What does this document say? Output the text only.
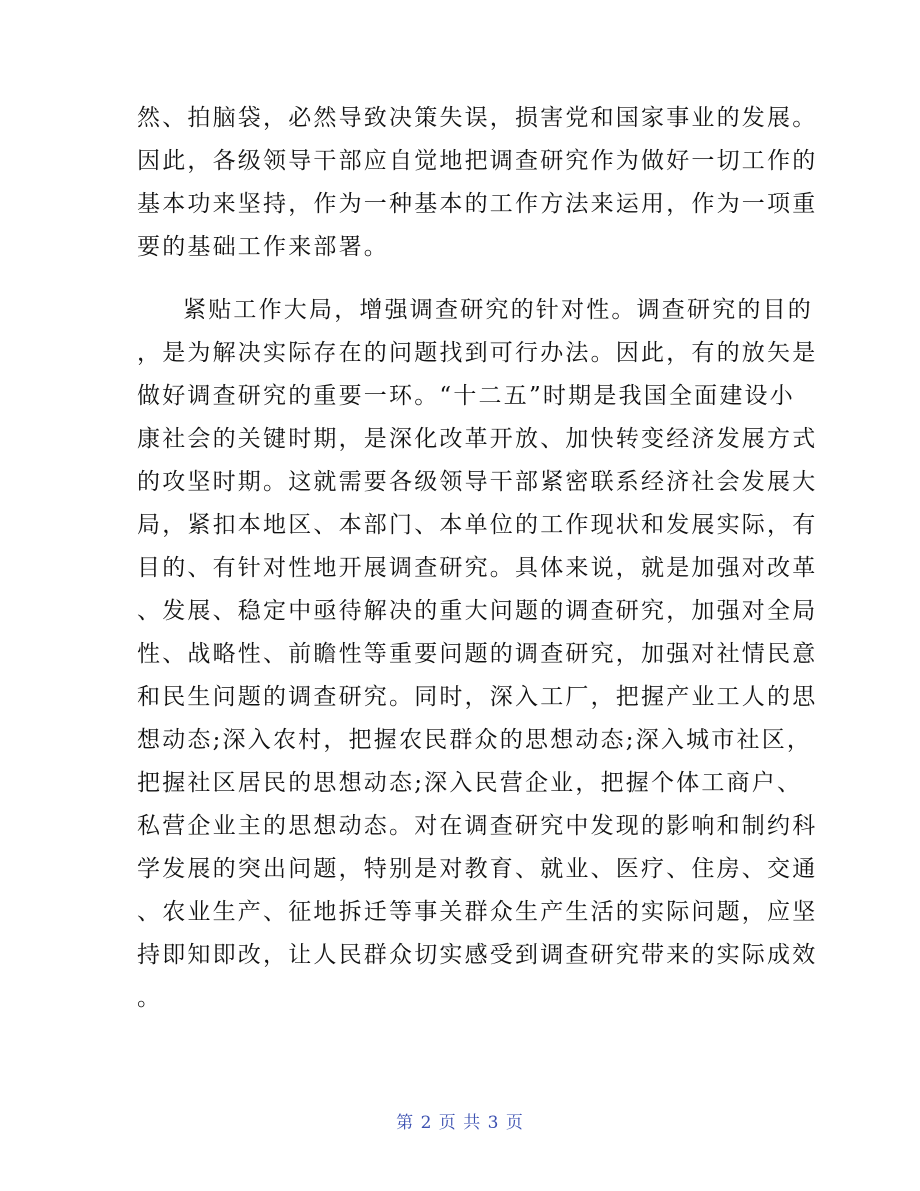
然、拍脑袋，必然导致决策失误，损害党和国家事业的发展。
因此，各级领导干部应自觉地把调查研究作为做好一切工作的
基本功来坚持，作为一种基本的工作方法来运用，作为一项重
要的基础工作来部署。
紧贴工作大局，增强调查研究的针对性。调查研究的目的
，是为解决实际存在的问题找到可行办法。因此，有的放矢是
做好调查研究的重要一环。“十二五”时期是我国全面建设小
康社会的关键时期，是深化改革开放、加快转变经济发展方式
的攻坚时期。这就需要各级领导干部紧密联系经济社会发展大
局，紧扣本地区、本部门、本单位的工作现状和发展实际，有
目的、有针对性地开展调查研究。具体来说，就是加强对改革
、发展、稳定中亟待解决的重大问题的调查研究，加强对全局
性、战略性、前瞻性等重要问题的调查研究，加强对社情民意
和民生问题的调查研究。同时，深入工厂，把握产业工人的思
想动态;深入农村，把握农民群众的思想动态;深入城市社区，
把握社区居民的思想动态;深入民营企业，把握个体工商户、
私营企业主的思想动态。对在调查研究中发现的影响和制约科
学发展的突出问题，特别是对教育、就业、医疗、住房、交通
、农业生产、征地拆迁等事关群众生产生活的实际问题，应坚
持即知即改，让人民群众切实感受到调查研究带来的实际成效
。
第 2 页 共 3 页
